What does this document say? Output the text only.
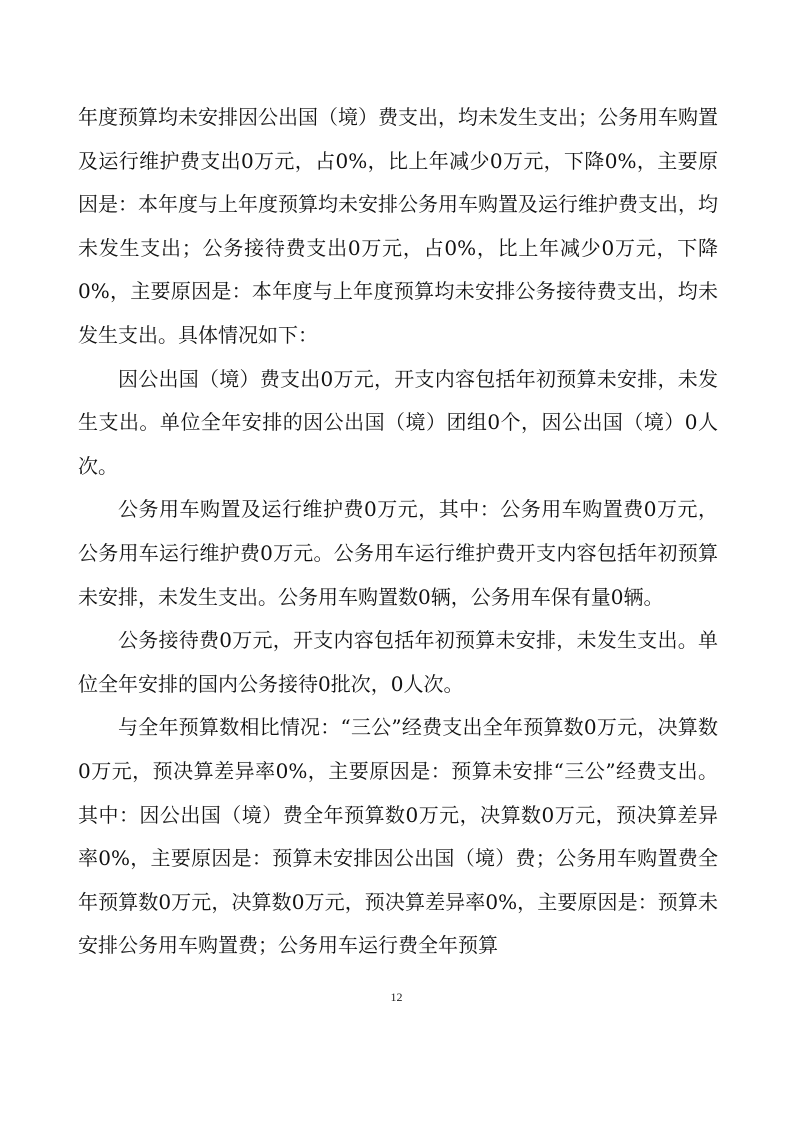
年度预算均未安排因公出国（境）费支出，均未发生支出；公务用车购置及运行维护费支出0万元，占0%，比上年减少0万元，下降0%，主要原因是：本年度与上年度预算均未安排公务用车购置及运行维护费支出，均未发生支出；公务接待费支出0万元，占0%，比上年减少0万元，下降0%，主要原因是：本年度与上年度预算均未安排公务接待费支出，均未发生支出。具体情况如下：

因公出国（境）费支出0万元，开支内容包括年初预算未安排，未发生支出。单位全年安排的因公出国（境）团组0个，因公出国（境）0人次。

公务用车购置及运行维护费0万元，其中：公务用车购置费0万元，公务用车运行维护费0万元。公务用车运行维护费开支内容包括年初预算未安排，未发生支出。公务用车购置数0辆，公务用车保有量0辆。

公务接待费0万元，开支内容包括年初预算未安排，未发生支出。单位全年安排的国内公务接待0批次，0人次。

与全年预算数相比情况：“三公”经费支出全年预算数0万元，决算数0万元，预决算差异率0%，主要原因是：预算未安排“三公”经费支出。其中：因公出国（境）费全年预算数0万元，决算数0万元，预决算差异率0%，主要原因是：预算未安排因公出国（境）费；公务用车购置费全年预算数0万元，决算数0万元，预决算差异率0%，主要原因是：预算未安排公务用车购置费；公务用车运行费全年预算

12
